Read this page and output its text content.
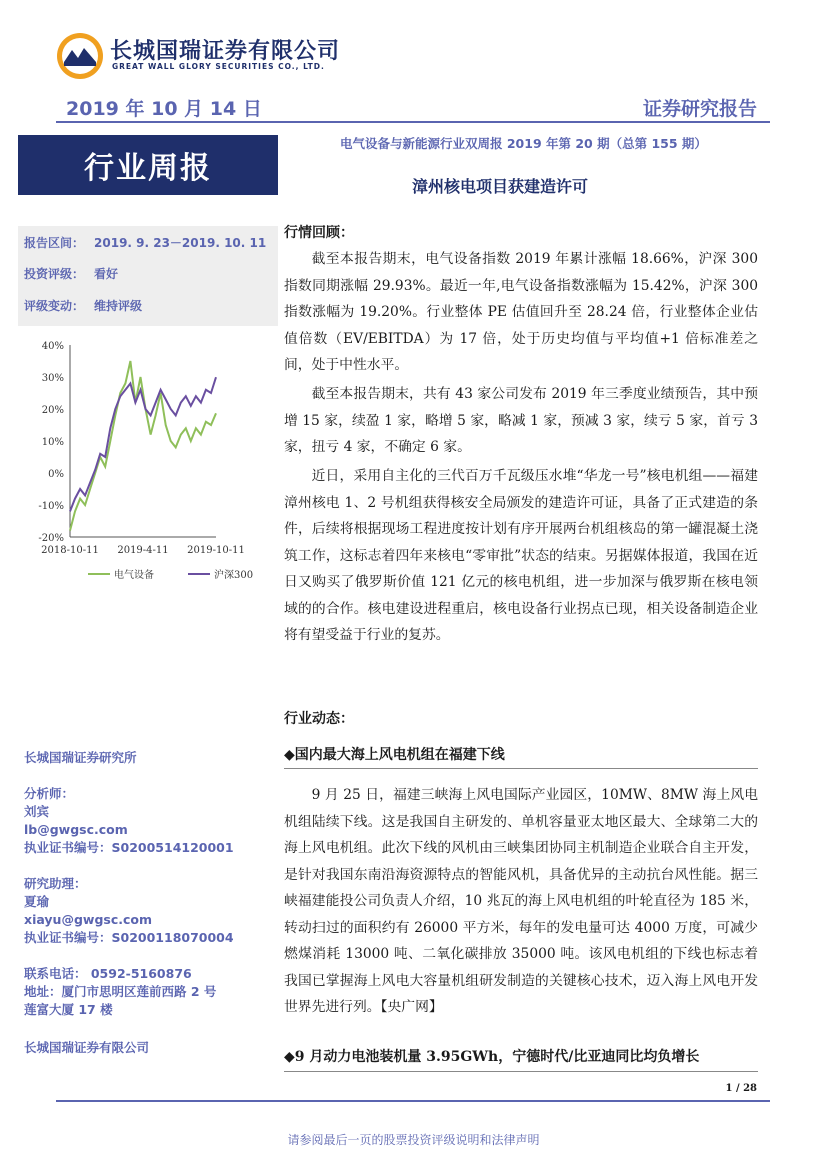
长城国瑞证券有限公司
GREAT WALL GLORY SECURITIES CO., LTD.
2019 年 10 月 14 日	证券研究报告
电气设备与新能源行业双周报 2019 年第 20 期（总第 155 期）
行业周报
漳州核电项目获建造许可
报告区间： 2019. 9. 23－2019. 10. 11
投资评级： 看好
评级变动： 维持评级
40%
30%
20%
10%
0%
-10%
-20%
2018-10-11 2019-4-11 2019-10-11
电气设备	沪深300
行情回顾：

截至本报告期末，电气设备指数 2019 年累计涨幅 18.66%，沪深 300 指数同期涨幅 29.93%。最近一年,电气设备指数涨幅为 15.42%，沪深 300 指数涨幅为 19.20%。行业整体 PE 估值回升至 28.24 倍，行业整体企业估值倍数（EV/EBITDA）为 17 倍，处于历史均值与平均值+1 倍标准差之间，处于中性水平。

截至本报告期末，共有 43 家公司发布 2019 年三季度业绩预告，其中预增 15 家，续盈 1 家，略增 5 家，略减 1 家，预减 3 家，续亏 5 家，首亏 3 家，扭亏 4 家，不确定 6 家。

近日，采用自主化的三代百万千瓦级压水堆“华龙一号”核电机组——福建漳州核电 1、2 号机组获得核安全局颁发的建造许可证，具备了正式建造的条件，后续将根据现场工程进度按计划有序开展两台机组核岛的第一罐混凝土浇筑工作，这标志着四年来核电“零审批”状态的结束。另据媒体报道，我国在近日又购买了俄罗斯价值 121 亿元的核电机组，进一步加深与俄罗斯在核电领域的的合作。核电建设进程重启，核电设备行业拐点已现，相关设备制造企业将有望受益于行业的复苏。

行业动态：
◆国内最大海上风电机组在福建下线

9 月 25 日，福建三峡海上风电国际产业园区，10MW、8MW 海上风电机组陆续下线。这是我国自主研发的、单机容量亚太地区最大、全球第二大的海上风电机组。此次下线的风机由三峡集团协同主机制造企业联合自主开发，是针对我国东南沿海资源特点的智能风机，具备优异的主动抗台风性能。据三峡福建能投公司负责人介绍，10 兆瓦的海上风电机组的叶轮直径为 185 米，转动扫过的面积约有 26000 平方米，每年的发电量可达 4000 万度，可减少燃煤消耗 13000 吨、二氧化碳排放 35000 吨。该风电机组的下线也标志着我国已掌握海上风电大容量机组研发制造的关键核心技术，迈入海上风电开发世界先进行列。【央广网】

◆9 月动力电池装机量 3.95GWh，宁德时代/比亚迪同比均负增长
长城国瑞证券研究所
分析师：
刘宾
lb@gwgsc.com
执业证书编号：S0200514120001
研究助理：
夏瑜
xiayu@gwgsc.com
执业证书编号：S0200118070004
联系电话： 0592-5160876
地址：厦门市思明区莲前西路 2 号
莲富大厦 17 楼
长城国瑞证券有限公司
1 / 28
请参阅最后一页的股票投资评级说明和法律声明
